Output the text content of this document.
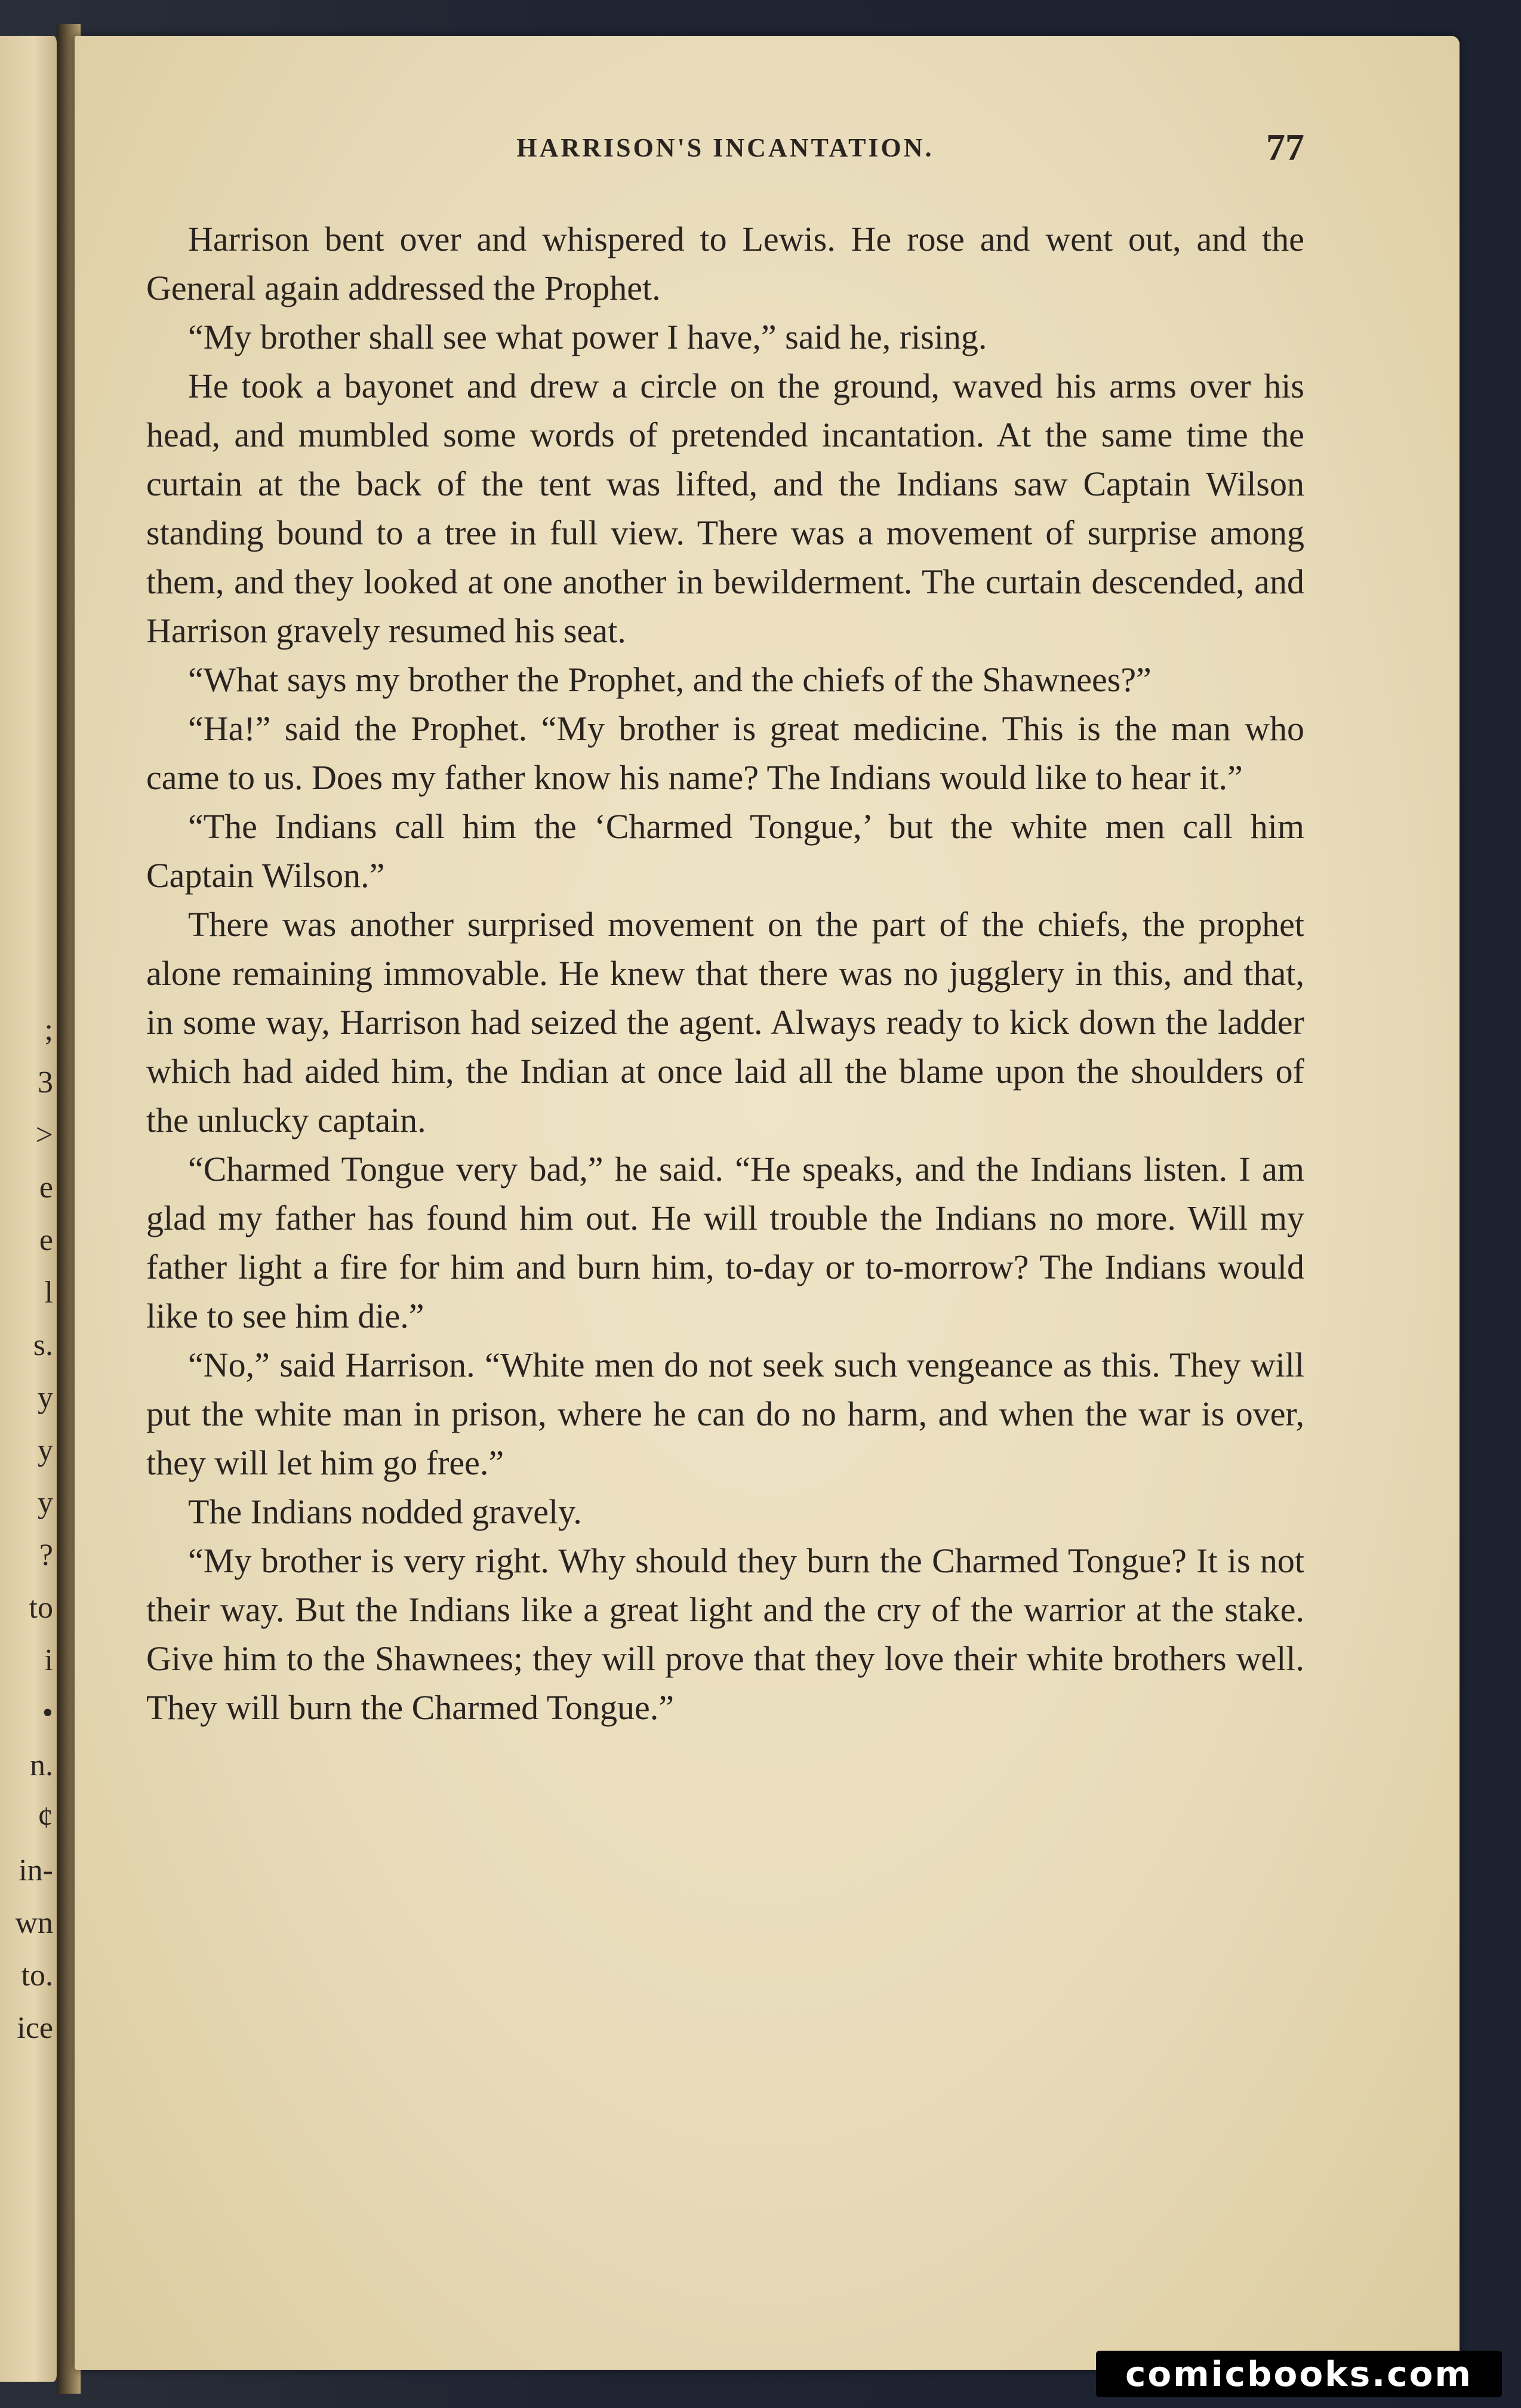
;
3
>
e
e
l
s.
y
y
y
?
to
i
•
n.
¢
in-
wn
to.
ice
HARRISON'S INCANTATION.	77

Harrison bent over and whispered to Lewis. He rose and went out, and the General again addressed the Prophet.

“My brother shall see what power I have,” said he, rising.

He took a bayonet and drew a circle on the ground, waved his arms over his head, and mumbled some words of pretended incantation. At the same time the curtain at the back of the tent was lifted, and the Indians saw Captain Wilson standing bound to a tree in full view. There was a movement of surprise among them, and they looked at one another in bewilderment. The curtain descended, and Harrison gravely resumed his seat.

“What says my brother the Prophet, and the chiefs of the Shawnees?”

“Ha!” said the Prophet. “My brother is great medicine. This is the man who came to us. Does my father know his name? The Indians would like to hear it.”

“The Indians call him the ‘Charmed Tongue,’ but the white men call him Captain Wilson.”

There was another surprised movement on the part of the chiefs, the prophet alone remaining immovable. He knew that there was no jugglery in this, and that, in some way, Harrison had seized the agent. Always ready to kick down the ladder which had aided him, the Indian at once laid all the blame upon the shoulders of the unlucky captain.

“Charmed Tongue very bad,” he said. “He speaks, and the Indians listen. I am glad my father has found him out. He will trouble the Indians no more. Will my father light a fire for him and burn him, to-day or to-morrow? The Indians would like to see him die.”

“No,” said Harrison. “White men do not seek such vengeance as this. They will put the white man in prison, where he can do no harm, and when the war is over, they will let him go free.”

The Indians nodded gravely.

“My brother is very right. Why should they burn the Charmed Tongue? It is not their way. But the Indians like a great light and the cry of the warrior at the stake. Give him to the Shawnees; they will prove that they love their white brothers well. They will burn the Charmed Tongue.”

comicbooks.com
